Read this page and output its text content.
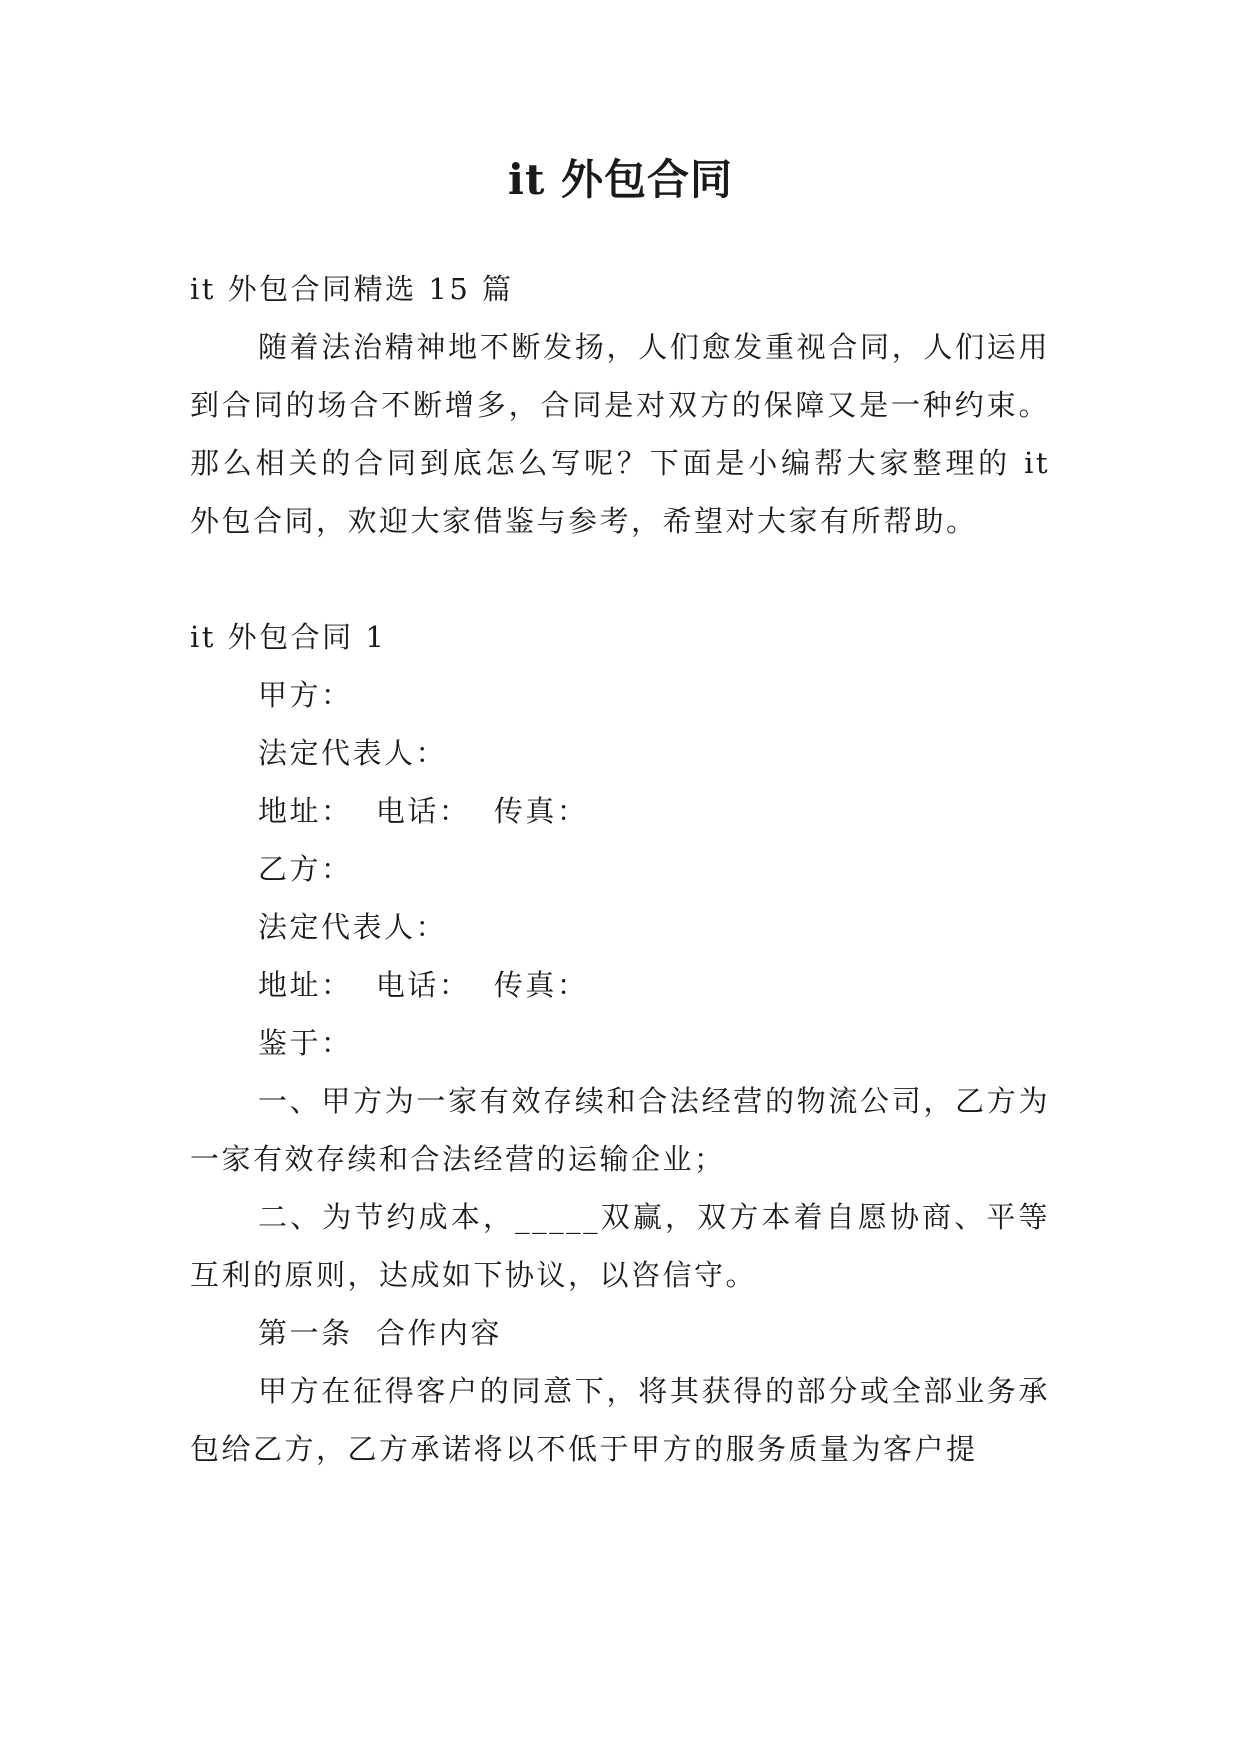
it 外包合同

it 外包合同精选 15 篇

随着法治精神地不断发扬，人们愈发重视合同，人们运用到合同的场合不断增多，合同是对双方的保障又是一种约束。那么相关的合同到底怎么写呢？下面是小编帮大家整理的 it 外包合同，欢迎大家借鉴与参考，希望对大家有所帮助。

it 外包合同 1

甲方：

法定代表人：

地址：  电话：  传真：

乙方：

法定代表人：

地址：  电话：  传真：

鉴于：

一、甲方为一家有效存续和合法经营的物流公司，乙方为一家有效存续和合法经营的运输企业；

二、为节约成本，_____双赢，双方本着自愿协商、平等互利的原则，达成如下协议，以咨信守。

第一条  合作内容

甲方在征得客户的同意下，将其获得的部分或全部业务承包给乙方，乙方承诺将以不低于甲方的服务质量为客户提
